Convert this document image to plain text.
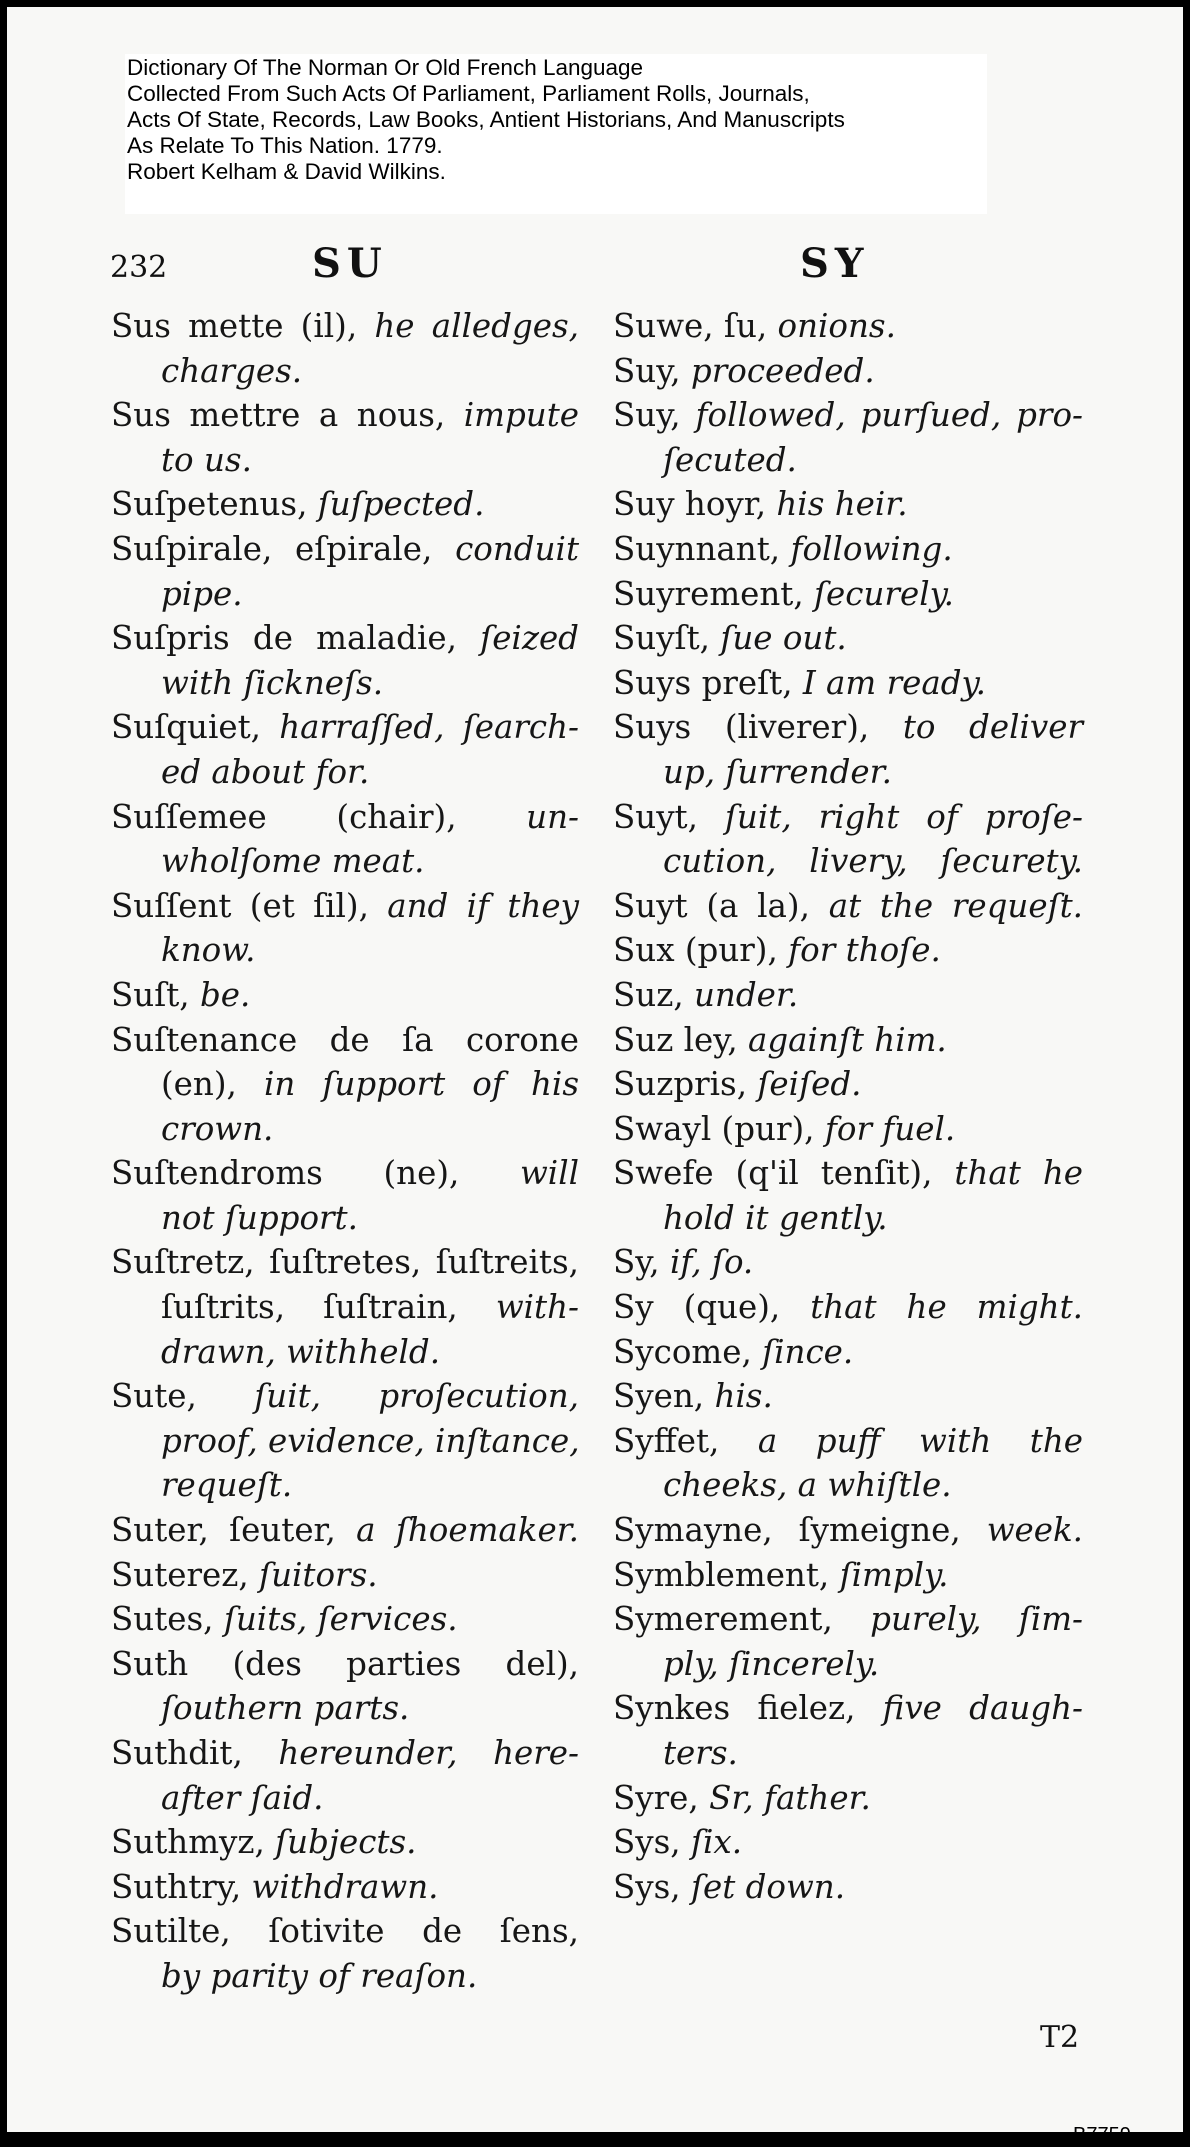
Dictionary Of The Norman Or Old French Language
Collected From Such Acts Of Parliament, Parliament Rolls, Journals,
Acts Of State, Records, Law Books, Antient Historians, And Manuscripts
As Relate To This Nation. 1779.
Robert Kelham & David Wilkins.
232	SU	SY
Sus mette (il), he alledges,
charges.
Sus mettre a nous, impute
to us.
Suſpetenus, ſuſpected.
Suſpirale, eſpirale, conduit
pipe.
Suſpris de maladie, ſeized
with ſickneſs.
Suſquiet, harraſſed, ſearch-
ed about for.
Suſſemee (chair), un-
wholſome meat.
Suſſent (et ſil), and if they
know.
Suſt, be.
Suſtenance de ſa corone
(en), in ſupport of his
crown.
Suſtendroms (ne), will
not ſupport.
Suſtretz, ſuſtretes, ſuſtreits,
ſuſtrits, ſuſtrain, with-
drawn, withheld.
Sute, ſuit, proſecution,
proof, evidence, inſtance,
requeſt.
Suter, ſeuter, a ſhoemaker.
Suterez, ſuitors.
Sutes, ſuits, ſervices.
Suth (des parties del),
ſouthern parts.
Suthdit, hereunder, here-
after ſaid.
Suthmyz, ſubjects.
Suthtry, withdrawn.
Sutilte, ſotivite de ſens,
by parity of reaſon.
Suwe, ſu, onions.
Suy, proceeded.
Suy, followed, purſued, pro-
ſecuted.
Suy hoyr, his heir.
Suynnant, following.
Suyrement, ſecurely.
Suyſt, ſue out.
Suys preſt, I am ready.
Suys (liverer), to deliver
up, ſurrender.
Suyt, ſuit, right of proſe-
cution, livery, ſecurety.
Suyt (a la), at the requeſt.
Sux (pur), for thoſe.
Suz, under.
Suz ley, againſt him.
Suzpris, ſeiſed.
Swayl (pur), for fuel.
Swefe (q'il tenſit), that he
hold it gently.
Sy, if, ſo.
Sy (que), that he might.
Sycome, ſince.
Syen, his.
Syffet, a puff with the
cheeks, a whiſtle.
Symayne, ſymeigne, week.
Symblement, ſimply.
Symerement, purely, ſim-
ply, ſincerely.
Synkes fielez, five daugh-
ters.
Syre, Sr, father.
Sys, ſix.
Sys, ſet down.
T2
B7759
